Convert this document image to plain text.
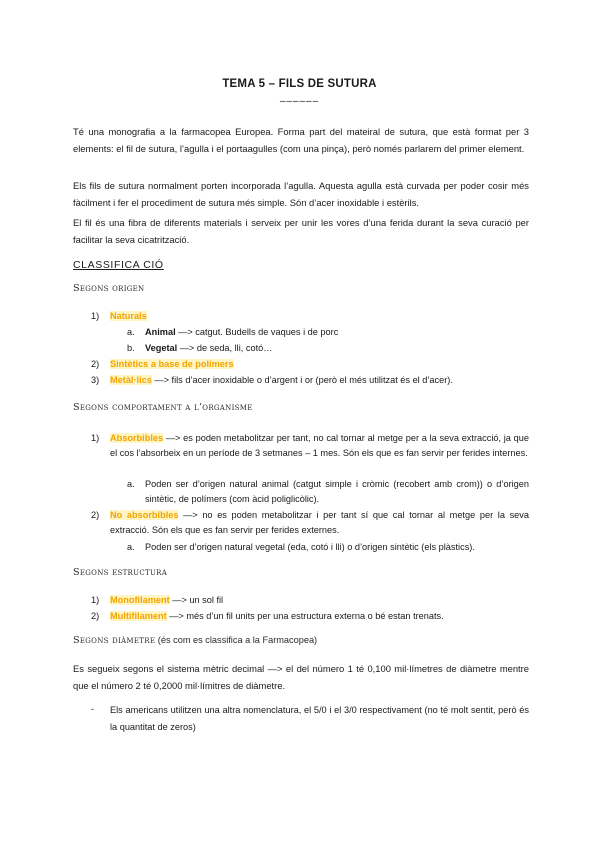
TEMA 5 – FILS DE SUTURA
––––––

Té una monografia a la farmacopea Europea. Forma part del mateiral de sutura, que està format per 3 elements: el fil de sutura, l’agulla i el portaagulles (com una pinça), però només parlarem del primer element.

Els fils de sutura normalment porten incorporada l’agulla. Aquesta agulla està curvada per poder cosir més fàcilment i fer el procediment de sutura més simple. Són d’acer inoxidable i estèrils.

El fil és una fibra de diferents materials i serveix per unir les vores d’una ferida durant la seva curació per facilitar la seva cicatrització.

CLASSIFICA CIÓ
Segons origen
1) Naturals
a. Animal —> catgut. Budells de vaques i de porc
b. Vegetal —> de seda, lli, cotó…
2) Sintètics a base de polímers
3) Metàl·lics —> fils d’acer inoxidable o d’argent i or (però el més utilitzat és el d’acer).
Segons comportament a l’organisme
1) Absorbibles —> es poden metabolitzar per tant, no cal tornar al metge per a la seva extracció, ja que el cos l’absorbeix en un període de 3 setmanes – 1 mes. Són els que es fan servir per ferides internes.

a. Poden ser d’origen natural animal (catgut simple i cròmic (recobert amb crom)) o d’origen sintètic, de polímers (com àcid poliglicòlic).

2) No absorbibles —> no es poden metabolitzar i per tant sí que cal tornar al metge per la seva extracció. Són els que es fan servir per ferides externes.

a. Poden ser d’origen natural vegetal (eda, cotó i lli) o d’origen sintètic (els plàstics).

Segons estructura
1) Monofilament —> un sol fil
2) Multifilament —> més d’un fil units per una estructura externa o bé estan trenats.
Segons diàmetre (és com es classifica a la Farmacopea)

Es segueix segons el sistema mètric decimal —> el del número 1 té 0,100 mil·límetres de diàmetre mentre que el número 2 té 0,2000 mil·límitres de diàmetre.

- Els americans utilitzen una altra nomenclatura, el 5/0 i el 3/0 respectivament (no té molt sentit, però és la quantitat de zeros)
